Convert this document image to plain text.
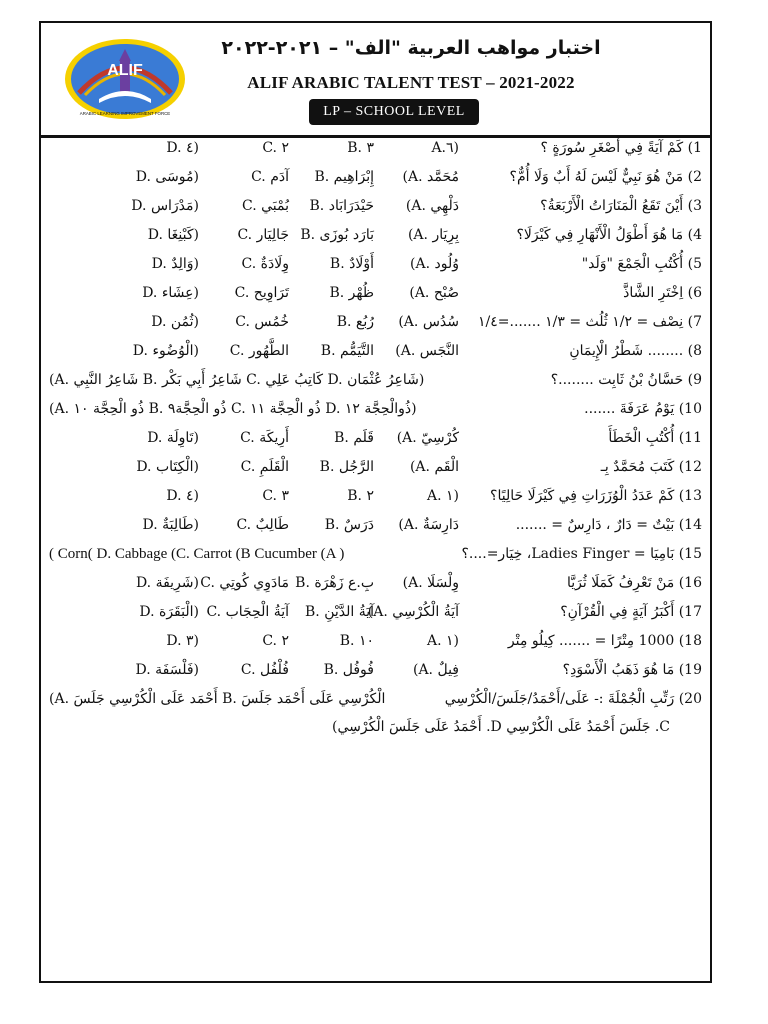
ALIF
ARABIC LEARNING IMPROVEMENT FORCE
اختبار مواهب العربية "الف" – ٢٠٢١-٢٠٢٢
ALIF ARABIC TALENT TEST – 2021-2022
LP – SCHOOL LEVEL
1) كَمْ آيَةً فِي أَصْغَرِ سُورَةٍ ؟
A.٦)
B. ٣
C. ٢
D. ٤)
2) مَنْ هُوَ نَبِيٌّ لَيْسَ لَهُ أَبٌ وَلَا أُمٌّ؟
(A. مُحَمَّد
B. إِبْرَاهِيم
C. آدَم
D. مُوسَى)
3) أَيْنَ تَقَعُ الْمَنَارَاتُ الْأَرْبَعَةُ؟
(A. دَلْهِي
B. حَيْدَرَابَاد
C. بُمْبَي
D. مَدْرَاس)
4) مَا هُوَ أَطْوَلُ الْأَنْهَارِ فِي كَيْرَلَا؟
(A. بِرِيَار
B. بَارَد بُوزَى
C. جَالِيَار
D. كَبْنِغَا)
5) أُكْتُبِ الْجَمْعَ "وَلَد"
(A. وُلُود
B. أَوْلَادٌ
C. وِلَادَةٌ
D. وَالِدٌ)
6) اِخْتَرِ الشَّاذَّ
(A. صُبْح
B. ظُهْر
C. تَرَاوِيح
D. عِشَاء)
7) نِصْف = ١/٢ ثُلُث = ١/٣ .......=١/٤
(A. سُدُس
B. رُبُع
C. خُمُس
D. ثُمُن)
8) ........ شَطْرُ الْإِيمَانِ
(A. النَّجَس
B. التَّيَمُّم
C. الطَّهُور
D. الْوُضُوء)
9) حَسَّانُ بْنُ ثَابِت ........؟
(A. شَاعِرُ النَّبِي B. شَاعِرُ أَبِي بَكْر C. كَاتِبُ عَلِي D. شَاعِرُ عُثْمَان)
10) يَوْمُ عَرَفَةَ .......
(A. ذُو الْحِجَّة ١٠ B. ذُو الْحِجَّة٩ C. ذُو الْحِجَّة ١١ D. ذُوالْحِجَّة ١٢)
11) أُكْتُبِ الْخَطَأَ
(A. كُرْسِيّ
B. قَلَم
C. أَرِيكَة
D. تَاوِلَة)
12) كَتَبَ مُحَمَّدٌ بِـ
(A. الْقَم
B. الرَّجُل
C. الْقَلَمِ
D. الْكِتَاب)
13) كَمْ عَدَدُ الْوُزَرَاتِ فِي كَيْرَلَا حَالِيًا؟
A. ١)
B. ٢
C. ٣
D. ٤)
14) بَيْتٌ = دَارٌ ، دَارِسٌ = .......
(A. دَارِسَةٌ
B. دَرَسٌ
C. طَالِبٌ
D. طَالِبَةٌ)
15) بَامِيَا = Ladies Finger، خِيَار=....؟
( Corn( D. Cabbage (C. Carrot (B Cucumber (A )
16) مَنْ تَعْرِفُ كَمَلَا ثُرَيَّا
(A. وِلْسَلَا
B. بِ.ع زَهْرَة
C. مَادَوِي كُوتِي
D. شَرِيفَة)
17) أَكْبَرُ آيَةٍ فِي الْقُرْآنِ؟
(A. آيَةُ الْكُرْسِي
B. آيَةُ الدَّيْنِ
C. آيَةُ الْحِجَاب
D. الْبَقَرَة)
18) 1000 مِتْرًا = ....... كِيلُو مِتْر
A. ١)
B. ١٠
C. ٢
D. ٣)
19) مَا هُوَ ذَهَبُ الْأَسْوَدِ؟
(A. فِيلٌ
B. فُوفُل
C. فُلْفُل
D. فَلْسَفَة)
20) رَتِّبِ الْجُمْلَةَ :- عَلَى/أَحْمَدُ/جَلَسَ/الْكُرْسِي
(A. أَحْمَد عَلَى الْكُرْسِي جَلَسَ B. الْكُرْسِي عَلَى أَحْمَد جَلَسَ
C. جَلَسَ أَحْمَدُ عَلَى الْكُرْسِي D. أَحْمَدُ عَلَى جَلَسَ الْكُرْسِي)
